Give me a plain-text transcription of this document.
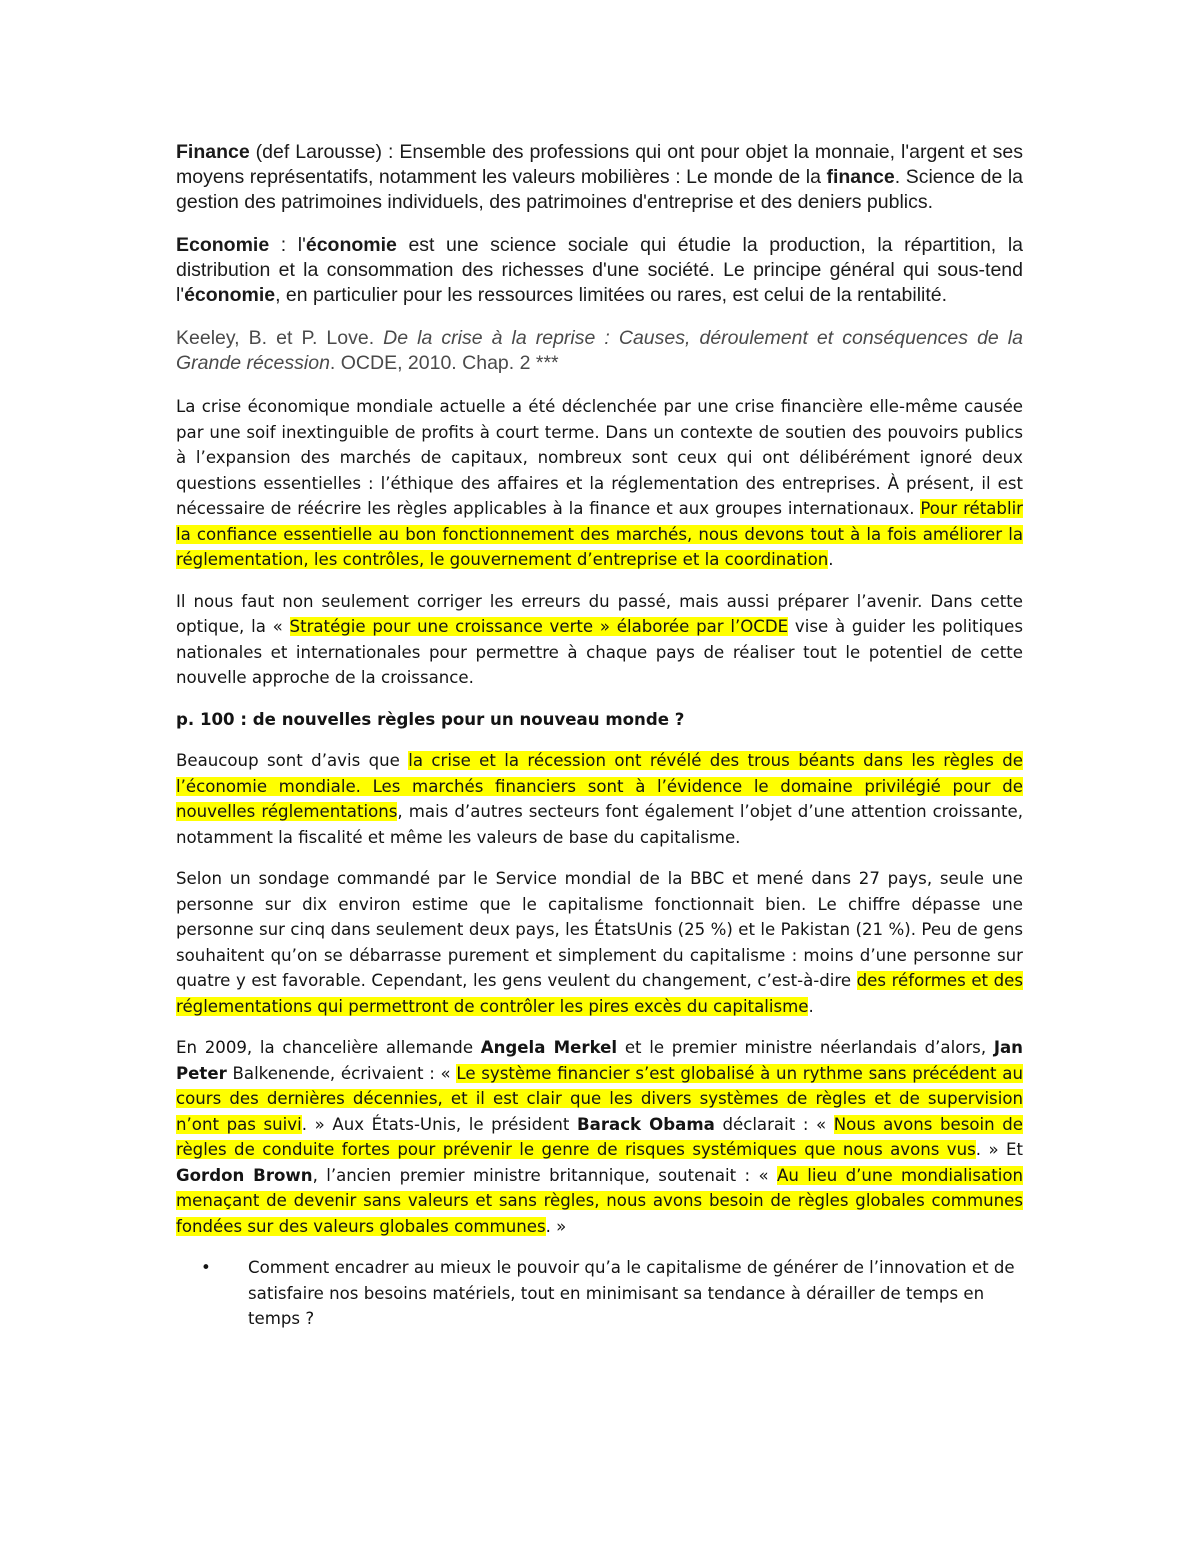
Finance (def Larousse) : Ensemble des professions qui ont pour objet la monnaie, l'argent et ses moyens représentatifs, notamment les valeurs mobilières : Le monde de la finance. Science de la gestion des patrimoines individuels, des patrimoines d'entreprise et des deniers publics.

Economie : l'économie est une science sociale qui étudie la production, la répartition, la distribution et la consommation des richesses d'une société. Le principe général qui sous-tend l'économie, en particulier pour les ressources limitées ou rares, est celui de la rentabilité.

Keeley, B. et P. Love. De la crise à la reprise : Causes, déroulement et conséquences de la Grande récession. OCDE, 2010. Chap. 2 ***

La crise économique mondiale actuelle a été déclenchée par une crise financière elle-même causée par une soif inextinguible de profits à court terme. Dans un contexte de soutien des pouvoirs publics à l’expansion des marchés de capitaux, nombreux sont ceux qui ont délibérément ignoré deux questions essentielles : l’éthique des affaires et la réglementation des entreprises. À présent, il est nécessaire de réécrire les règles applicables à la finance et aux groupes internationaux. Pour rétablir la confiance essentielle au bon fonctionnement des marchés, nous devons tout à la fois améliorer la réglementation, les contrôles, le gouvernement d’entreprise et la coordination.

Il nous faut non seulement corriger les erreurs du passé, mais aussi préparer l’avenir. Dans cette optique, la « Stratégie pour une croissance verte » élaborée par l’OCDE vise à guider les politiques nationales et internationales pour permettre à chaque pays de réaliser tout le potentiel de cette nouvelle approche de la croissance.

p. 100 : de nouvelles règles pour un nouveau monde ?

Beaucoup sont d’avis que la crise et la récession ont révélé des trous béants dans les règles de l’économie mondiale. Les marchés financiers sont à l’évidence le domaine privilégié pour de nouvelles réglementations, mais d’autres secteurs font également l’objet d’une attention croissante, notamment la fiscalité et même les valeurs de base du capitalisme.

Selon un sondage commandé par le Service mondial de la BBC et mené dans 27 pays, seule une personne sur dix environ estime que le capitalisme fonctionnait bien. Le chiffre dépasse une personne sur cinq dans seulement deux pays, les ÉtatsUnis (25 %) et le Pakistan (21 %). Peu de gens souhaitent qu’on se débarrasse purement et simplement du capitalisme : moins d’une personne sur quatre y est favorable. Cependant, les gens veulent du changement, c’est-à-dire des réformes et des réglementations qui permettront de contrôler les pires excès du capitalisme.

En 2009, la chancelière allemande Angela Merkel et le premier ministre néerlandais d’alors, Jan Peter Balkenende, écrivaient : « Le système financier s’est globalisé à un rythme sans précédent au cours des dernières décennies, et il est clair que les divers systèmes de règles et de supervision n’ont pas suivi. » Aux États-Unis, le président Barack Obama déclarait : « Nous avons besoin de règles de conduite fortes pour prévenir le genre de risques systémiques que nous avons vus. » Et Gordon Brown, l’ancien premier ministre britannique, soutenait : « Au lieu d’une mondialisation menaçant de devenir sans valeurs et sans règles, nous avons besoin de règles globales communes fondées sur des valeurs globales communes. »

• Comment encadrer au mieux le pouvoir qu’a le capitalisme de générer de l’innovation et de satisfaire nos besoins matériels, tout en minimisant sa tendance à dérailler de temps en temps ?
